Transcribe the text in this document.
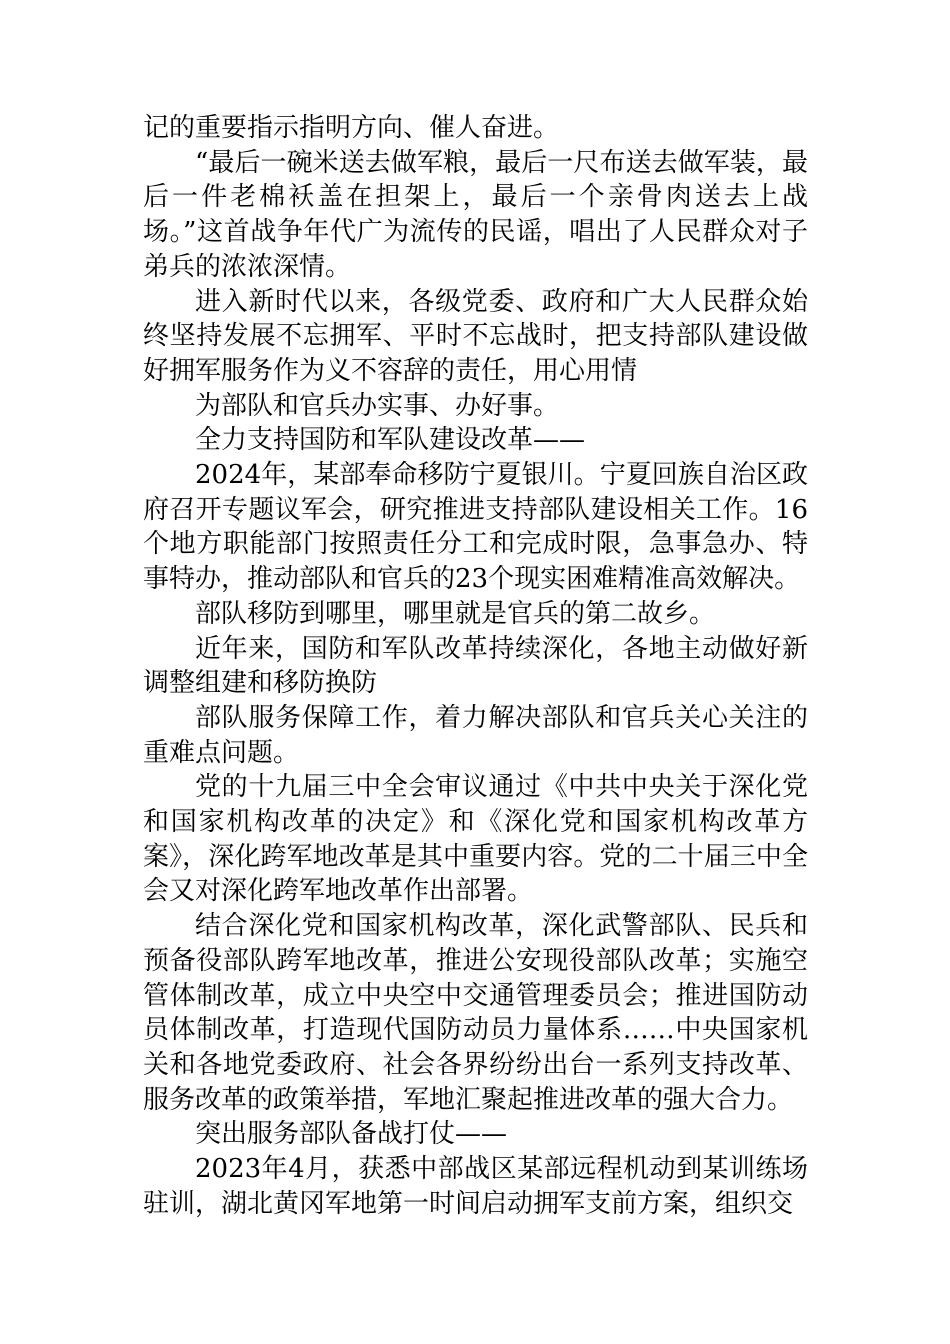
记的重要指示指明方向、催人奋进。

“最后一碗米送去做军粮，最后一尺布送去做军装，最后一件老棉袄盖在担架上，最后一个亲骨肉送去上战场。”这首战争年代广为流传的民谣，唱出了人民群众对子弟兵的浓浓深情。

进入新时代以来，各级党委、政府和广大人民群众始终坚持发展不忘拥军、平时不忘战时，把支持部队建设做好拥军服务作为义不容辞的责任，用心用情

为部队和官兵办实事、办好事。

全力支持国防和军队建设改革——

2024年，某部奉命移防宁夏银川。宁夏回族自治区政府召开专题议军会，研究推进支持部队建设相关工作。16个地方职能部门按照责任分工和完成时限，急事急办、特事特办，推动部队和官兵的23个现实困难精准高效解决。

部队移防到哪里，哪里就是官兵的第二故乡。

近年来，国防和军队改革持续深化，各地主动做好新调整组建和移防换防

部队服务保障工作，着力解决部队和官兵关心关注的重难点问题。

党的十九届三中全会审议通过《中共中央关于深化党和国家机构改革的决定》和《深化党和国家机构改革方案》，深化跨军地改革是其中重要内容。党的二十届三中全会又对深化跨军地改革作出部署。

结合深化党和国家机构改革，深化武警部队、民兵和预备役部队跨军地改革，推进公安现役部队改革；实施空管体制改革，成立中央空中交通管理委员会；推进国防动员体制改革，打造现代国防动员力量体系……中央国家机关和各地党委政府、社会各界纷纷出台一系列支持改革、服务改革的政策举措，军地汇聚起推进改革的强大合力。

突出服务部队备战打仗——

2023年4月，获悉中部战区某部远程机动到某训练场驻训，湖北黄冈军地第一时间启动拥军支前方案，组织交
